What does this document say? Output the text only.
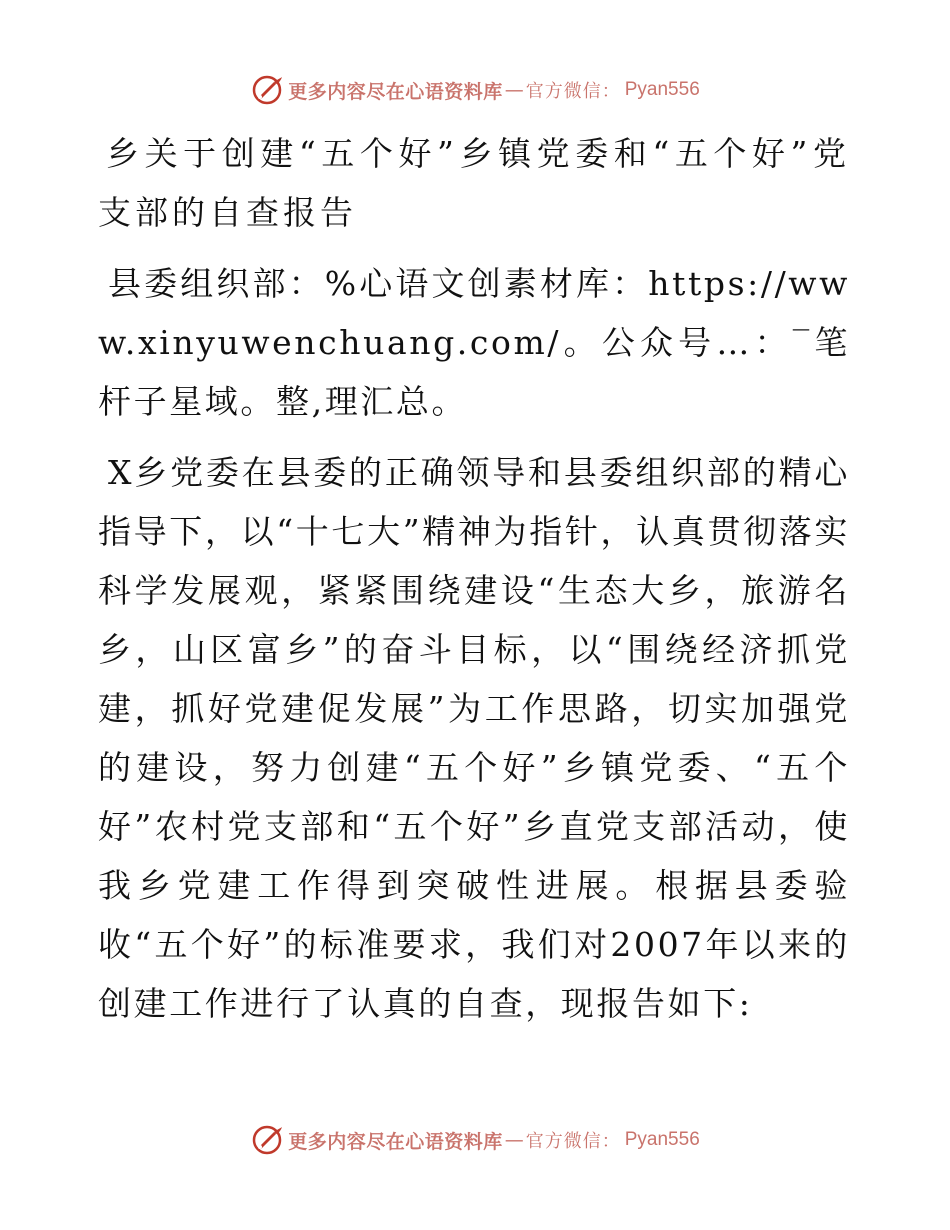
更多内容尽在心语资料库 — 官方微信： Pyan556

乡关于创建“五个好”乡镇党委和“五个好”党支部的自查报告

县委组织部：%心语文创素材库：https://www.xinyuwenchuang.com/。公众号…：‾笔杆子星域。整,理汇总。

X乡党委在县委的正确领导和县委组织部的精心指导下，以“十七大”精神为指针，认真贯彻落实科学发展观，紧紧围绕建设“生态大乡，旅游名乡，山区富乡”的奋斗目标，以“围绕经济抓党建，抓好党建促发展”为工作思路，切实加强党的建设，努力创建“五个好”乡镇党委、“五个好”农村党支部和“五个好”乡直党支部活动，使我乡党建工作得到突破性进展。根据县委验收“五个好”的标准要求，我们对2007年以来的创建工作进行了认真的自查，现报告如下:

更多内容尽在心语资料库 — 官方微信： Pyan556
